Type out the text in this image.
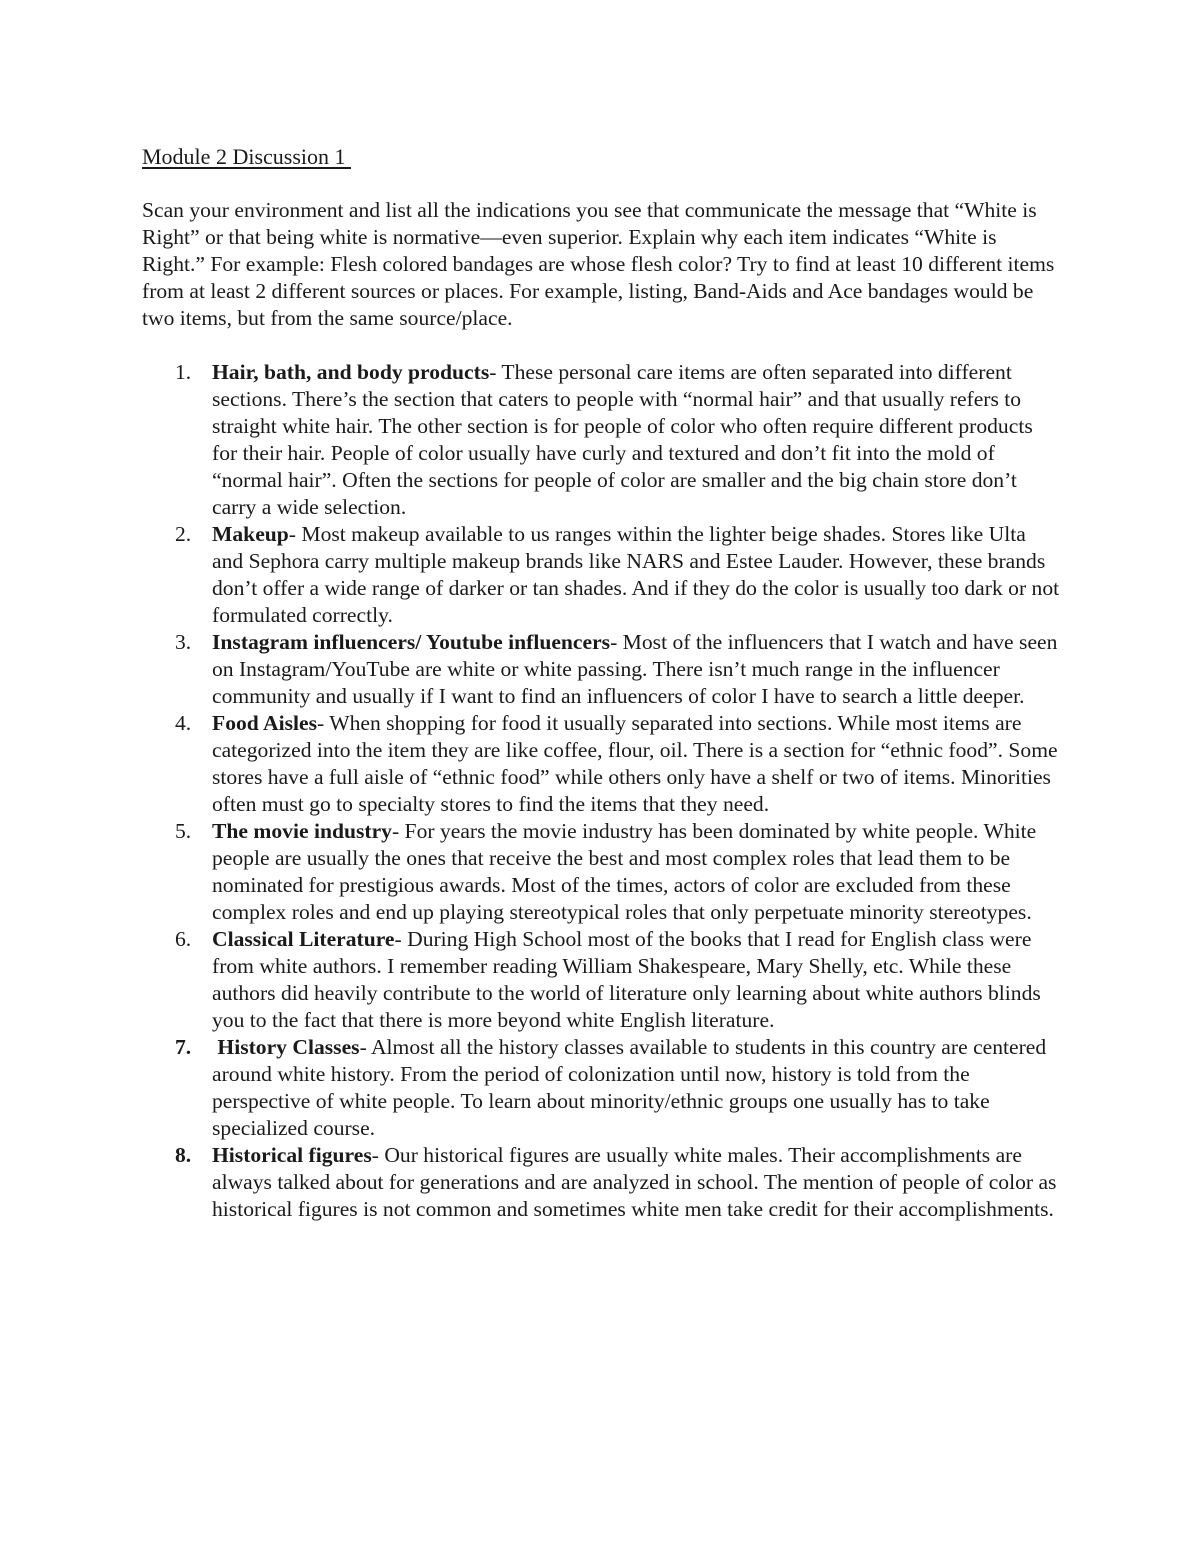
Module 2 Discussion 1

Scan your environment and list all the indications you see that communicate the message that “White is Right” or that being white is normative—even superior. Explain why each item indicates “White is Right.” For example: Flesh colored bandages are whose flesh color? Try to find at least 10 different items from at least 2 different sources or places. For example, listing, Band-Aids and Ace bandages would be two items, but from the same source/place.

1. Hair, bath, and body products- These personal care items are often separated into different sections. There’s the section that caters to people with “normal hair” and that usually refers to straight white hair. The other section is for people of color who often require different products for their hair. People of color usually have curly and textured and don’t fit into the mold of “normal hair”. Often the sections for people of color are smaller and the big chain store don’t carry a wide selection.
2. Makeup- Most makeup available to us ranges within the lighter beige shades. Stores like Ulta and Sephora carry multiple makeup brands like NARS and Estee Lauder. However, these brands don’t offer a wide range of darker or tan shades. And if they do the color is usually too dark or not formulated correctly.
3. Instagram influencers/ Youtube influencers- Most of the influencers that I watch and have seen on Instagram/YouTube are white or white passing. There isn’t much range in the influencer community and usually if I want to find an influencers of color I have to search a little deeper.
4. Food Aisles- When shopping for food it usually separated into sections. While most items are categorized into the item they are like coffee, flour, oil. There is a section for “ethnic food”. Some stores have a full aisle of “ethnic food” while others only have a shelf or two of items. Minorities often must go to specialty stores to find the items that they need.
5. The movie industry- For years the movie industry has been dominated by white people. White people are usually the ones that receive the best and most complex roles that lead them to be nominated for prestigious awards. Most of the times, actors of color are excluded from these complex roles and end up playing stereotypical roles that only perpetuate minority stereotypes.
6. Classical Literature- During High School most of the books that I read for English class were from white authors. I remember reading William Shakespeare, Mary Shelly, etc. While these authors did heavily contribute to the world of literature only learning about white authors blinds you to the fact that there is more beyond white English literature.
7. History Classes- Almost all the history classes available to students in this country are centered around white history. From the period of colonization until now, history is told from the perspective of white people. To learn about minority/ethnic groups one usually has to take specialized course.
8. Historical figures- Our historical figures are usually white males. Their accomplishments are always talked about for generations and are analyzed in school. The mention of people of color as historical figures is not common and sometimes white men take credit for their accomplishments.
